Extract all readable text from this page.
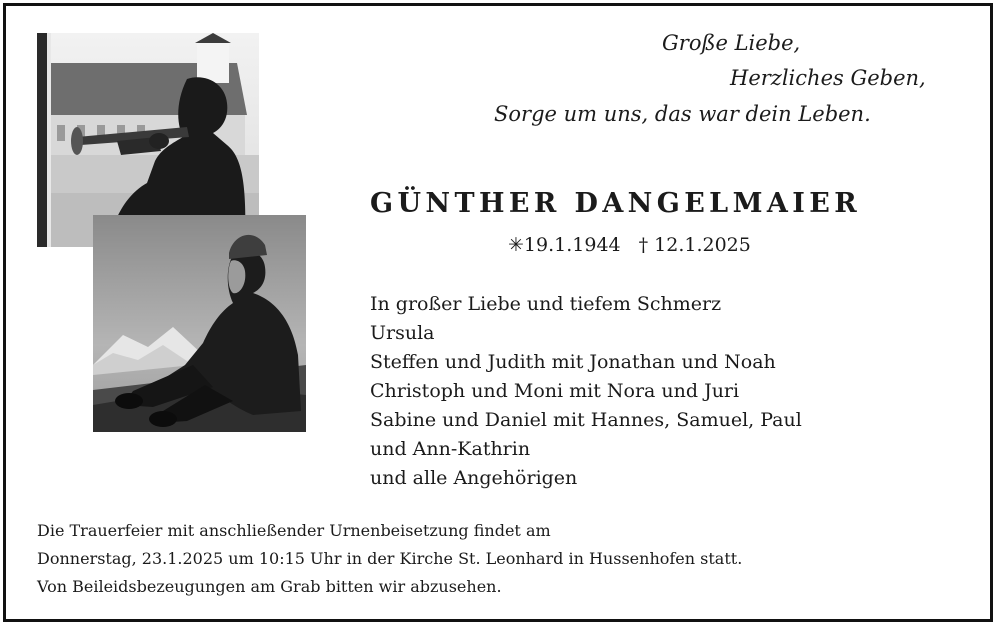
Große Liebe,
Herzliches Geben,
Sorge um uns, das war dein Leben.
GÜNTHER DANGELMAIER
✳19.1.1944 † 12.1.2025
In großer Liebe und tiefem Schmerz
Ursula
Steffen und Judith mit Jonathan und Noah
Christoph und Moni mit Nora und Juri
Sabine und Daniel mit Hannes, Samuel, Paul
und Ann-Kathrin
und alle Angehörigen
Die Trauerfeier mit anschließender Urnenbeisetzung findet am
Donnerstag, 23.1.2025 um 10:15 Uhr in der Kirche St. Leonhard in Hussenhofen statt.
Von Beileidsbezeugungen am Grab bitten wir abzusehen.
